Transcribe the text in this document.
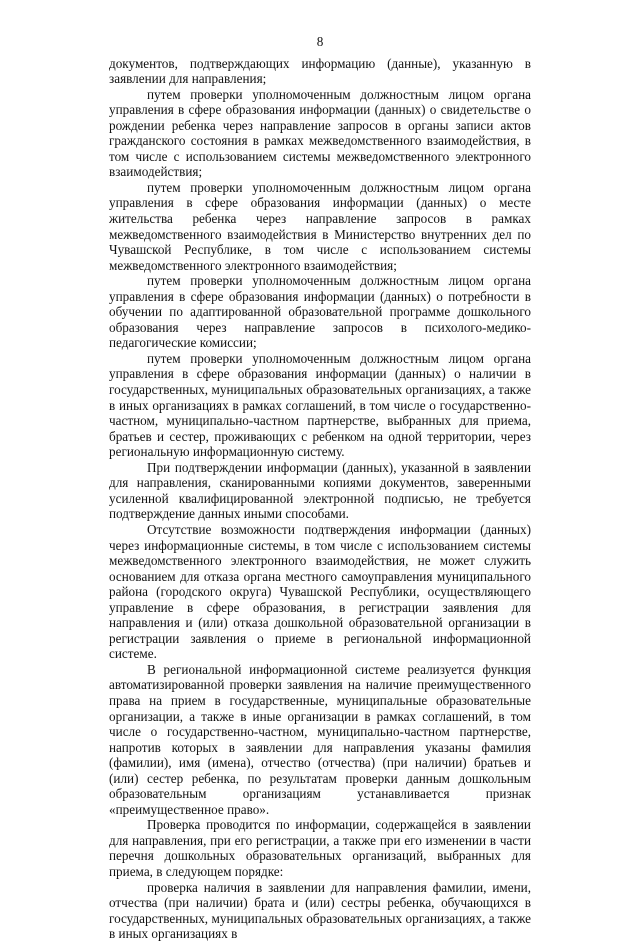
8

документов, подтверждающих информацию (данные), указанную в заявлении для направления;

путем проверки уполномоченным должностным лицом органа управления в сфере образования информации (данных) о свидетельстве о рождении ребенка через направление запросов в органы записи актов гражданского состояния в рамках межведомственного взаимодействия, в том числе с использованием системы межведомственного электронного взаимодействия;

путем проверки уполномоченным должностным лицом органа управления в сфере образования информации (данных) о месте жительства ребенка через направление запросов в рамках межведомственного взаимодействия в Министерство внутренних дел по Чувашской Республике, в том числе с использованием системы межведомственного электронного взаимодействия;

путем проверки уполномоченным должностным лицом органа управления в сфере образования информации (данных) о потребности в обучении по адаптированной образовательной программе дошкольного образования через направление запросов в психолого-медико-педагогические комиссии;

путем проверки уполномоченным должностным лицом органа управления в сфере образования информации (данных) о наличии в государственных, муниципальных образовательных организациях, а также в иных организациях в рамках соглашений, в том числе о государственно-частном, муниципально-частном партнерстве, выбранных для приема, братьев и сестер, проживающих с ребенком на одной территории, через региональную информационную систему.

При подтверждении информации (данных), указанной в заявлении для направления, сканированными копиями документов, заверенными усиленной квалифицированной электронной подписью, не требуется подтверждение данных иными способами.

Отсутствие возможности подтверждения информации (данных) через информационные системы, в том числе с использованием системы межведомственного электронного взаимодействия, не может служить основанием для отказа органа местного самоуправления муниципального района (городского округа) Чувашской Республики, осуществляющего управление в сфере образования, в регистрации заявления для направления и (или) отказа дошкольной образовательной организации в регистрации заявления о приеме в региональной информационной системе.

В региональной информационной системе реализуется функция автоматизированной проверки заявления на наличие преимущественного права на прием в государственные, муниципальные образовательные организации, а также в иные организации в рамках соглашений, в том числе о государственно-частном, муниципально-частном партнерстве, напротив которых в заявлении для направления указаны фамилия (фамилии), имя (имена), отчество (отчества) (при наличии) братьев и (или) сестер ребенка, по результатам проверки данным дошкольным образовательным организациям устанавливается признак «преимущественное право».

Проверка проводится по информации, содержащейся в заявлении для направления, при его регистрации, а также при его изменении в части перечня дошкольных образовательных организаций, выбранных для приема, в следующем порядке:

проверка наличия в заявлении для направления фамилии, имени, отчества (при наличии) брата и (или) сестры ребенка, обучающихся в государственных, муниципальных образовательных организациях, а также в иных организациях в
